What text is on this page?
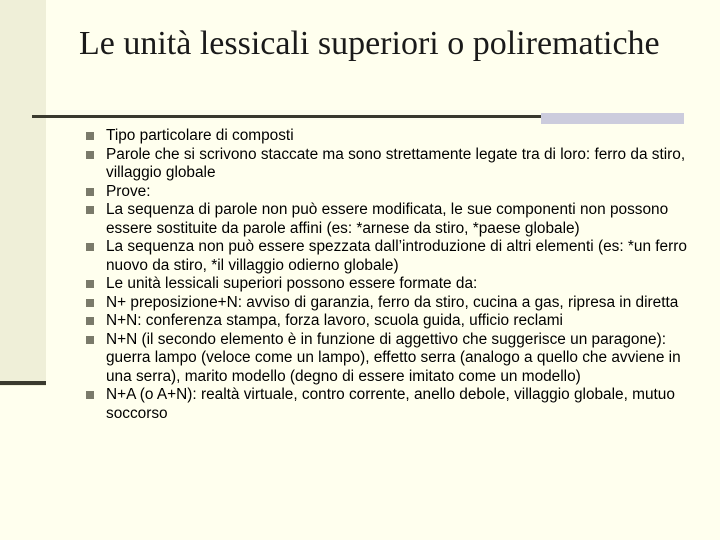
Le unità lessicali superiori o polirematiche
Tipo particolare di composti
Parole che si scrivono staccate ma sono strettamente legate tra di loro: ferro da stiro, villaggio globale
Prove:
La sequenza di parole non può essere modificata, le sue componenti non possono essere sostituite da parole affini (es: *arnese da stiro, *paese globale)
La sequenza non può essere spezzata dall’introduzione di altri elementi (es: *un ferro nuovo da stiro, *il villaggio odierno globale)
Le unità lessicali superiori possono essere formate da:
N+ preposizione+N: avviso di garanzia, ferro da stiro, cucina a gas, ripresa in diretta
N+N: conferenza stampa, forza lavoro, scuola guida, ufficio reclami
N+N (il secondo elemento è in funzione di aggettivo che suggerisce un paragone): guerra lampo (veloce come un lampo), effetto serra (analogo a quello che avviene in una serra), marito modello (degno di essere imitato come un modello)
N+A (o A+N): realtà virtuale, contro corrente, anello debole, villaggio globale, mutuo soccorso
